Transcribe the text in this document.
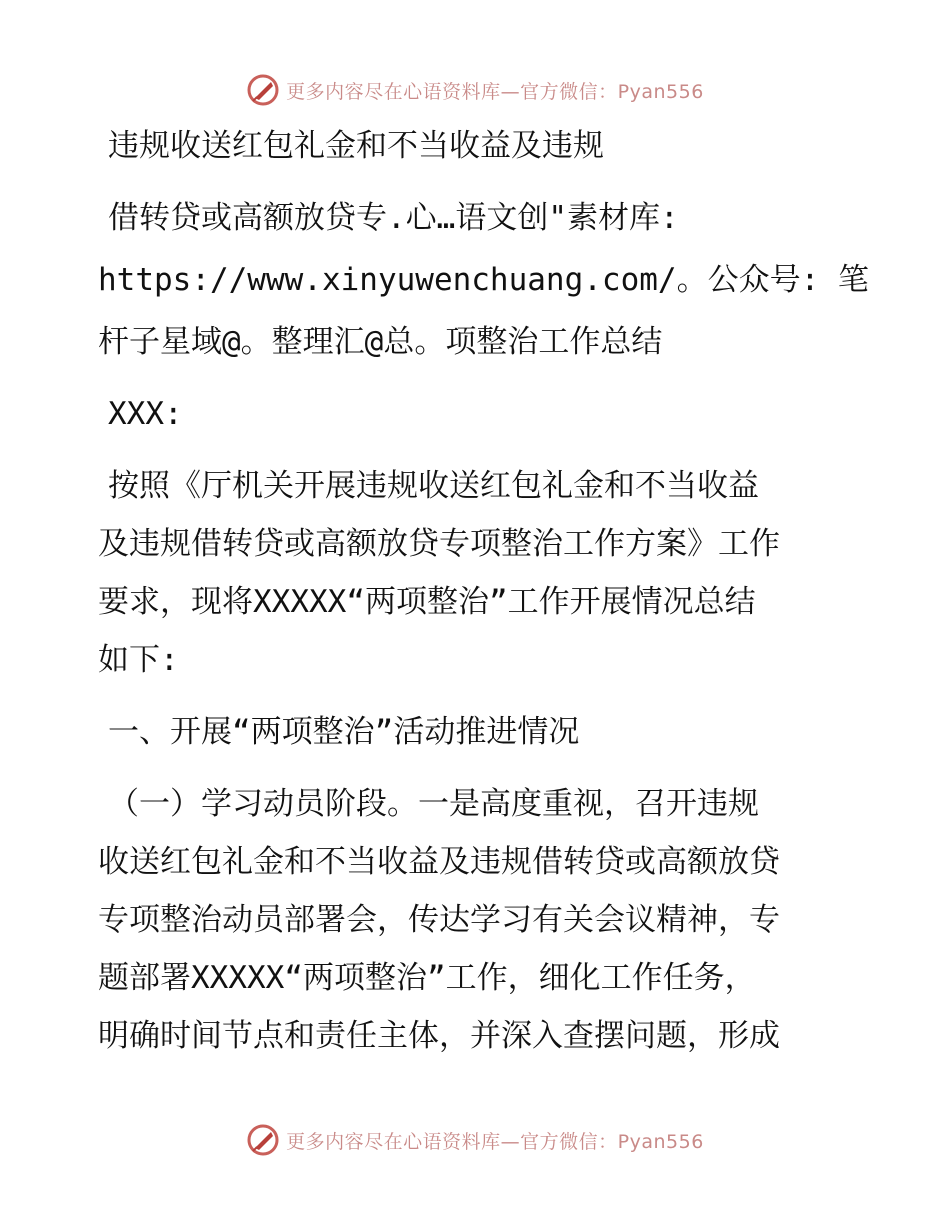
更多内容尽在心语资料库—官方微信：Pyan556
违规收送红包礼金和不当收益及违规
借转贷或高额放贷专.心…语文创"素材库:
https://www.xinyuwenchuang.com/。公众号: 笔
杆子星域@。整理汇@总。项整治工作总结
XXX:
按照《厅机关开展违规收送红包礼金和不当收益
及违规借转贷或高额放贷专项整治工作方案》工作
要求，现将XXXXX“两项整治”工作开展情况总结
如下:
一、开展“两项整治”活动推进情况
（一）学习动员阶段。一是高度重视，召开违规
收送红包礼金和不当收益及违规借转贷或高额放贷
专项整治动员部署会，传达学习有关会议精神，专
题部署XXXXX“两项整治”工作，细化工作任务，
明确时间节点和责任主体，并深入查摆问题，形成
更多内容尽在心语资料库—官方微信：Pyan556
